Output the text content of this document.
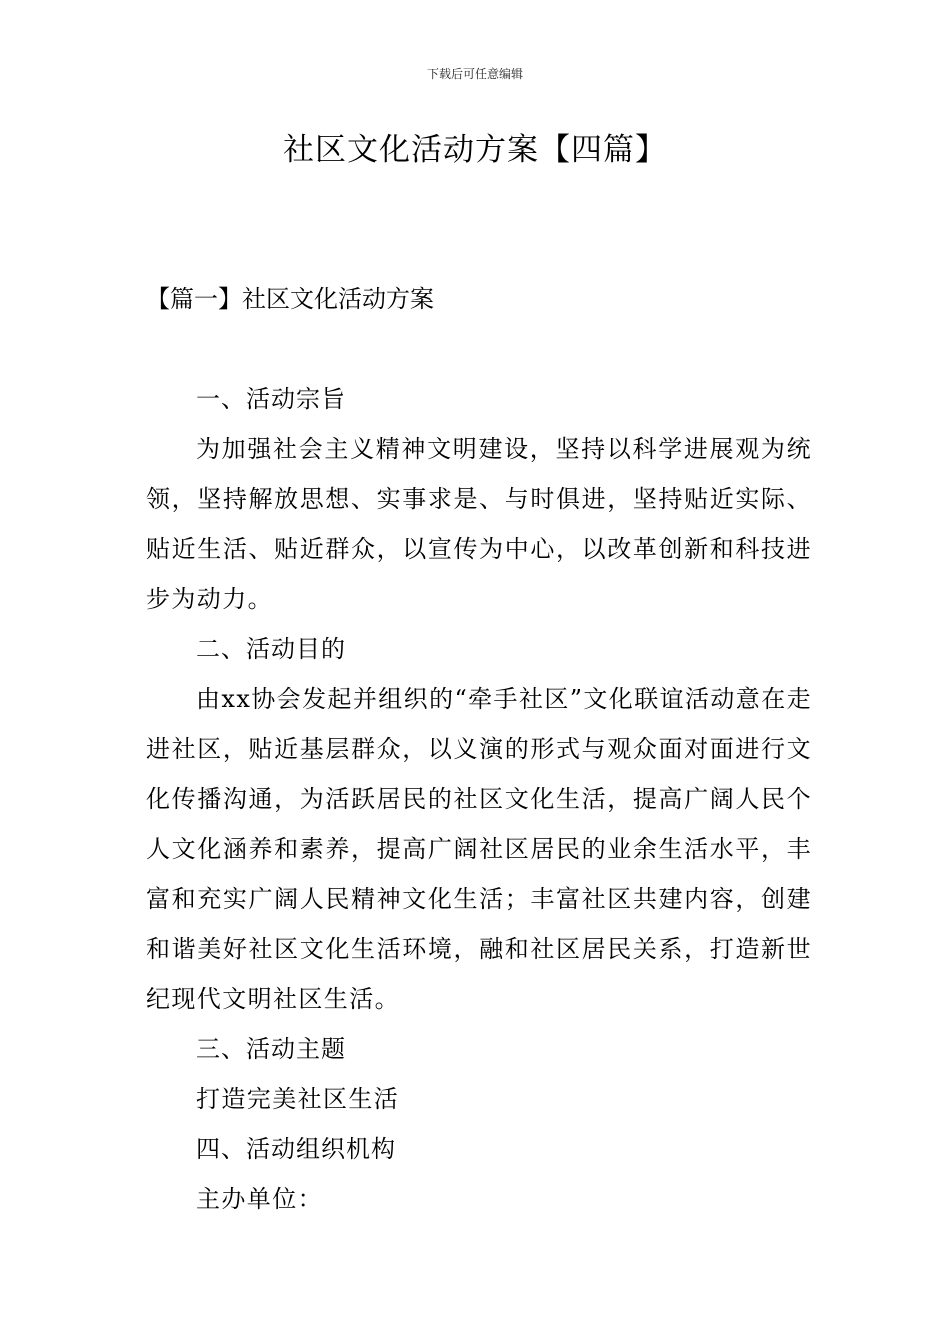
下载后可任意编辑
社区文化活动方案【四篇】
【篇一】社区文化活动方案
一、活动宗旨

为加强社会主义精神文明建设，坚持以科学进展观为统领，坚持解放思想、实事求是、与时俱进，坚持贴近实际、贴近生活、贴近群众，以宣传为中心，以改革创新和科技进步为动力。

二、活动目的

由xx协会发起并组织的“牵手社区”文化联谊活动意在走进社区，贴近基层群众，以义演的形式与观众面对面进行文化传播沟通，为活跃居民的社区文化生活，提高广阔人民个人文化涵养和素养，提高广阔社区居民的业余生活水平，丰富和充实广阔人民精神文化生活；丰富社区共建内容，创建和谐美好社区文化生活环境，融和社区居民关系，打造新世纪现代文明社区生活。

三、活动主题

打造完美社区生活

四、活动组织机构

主办单位：
